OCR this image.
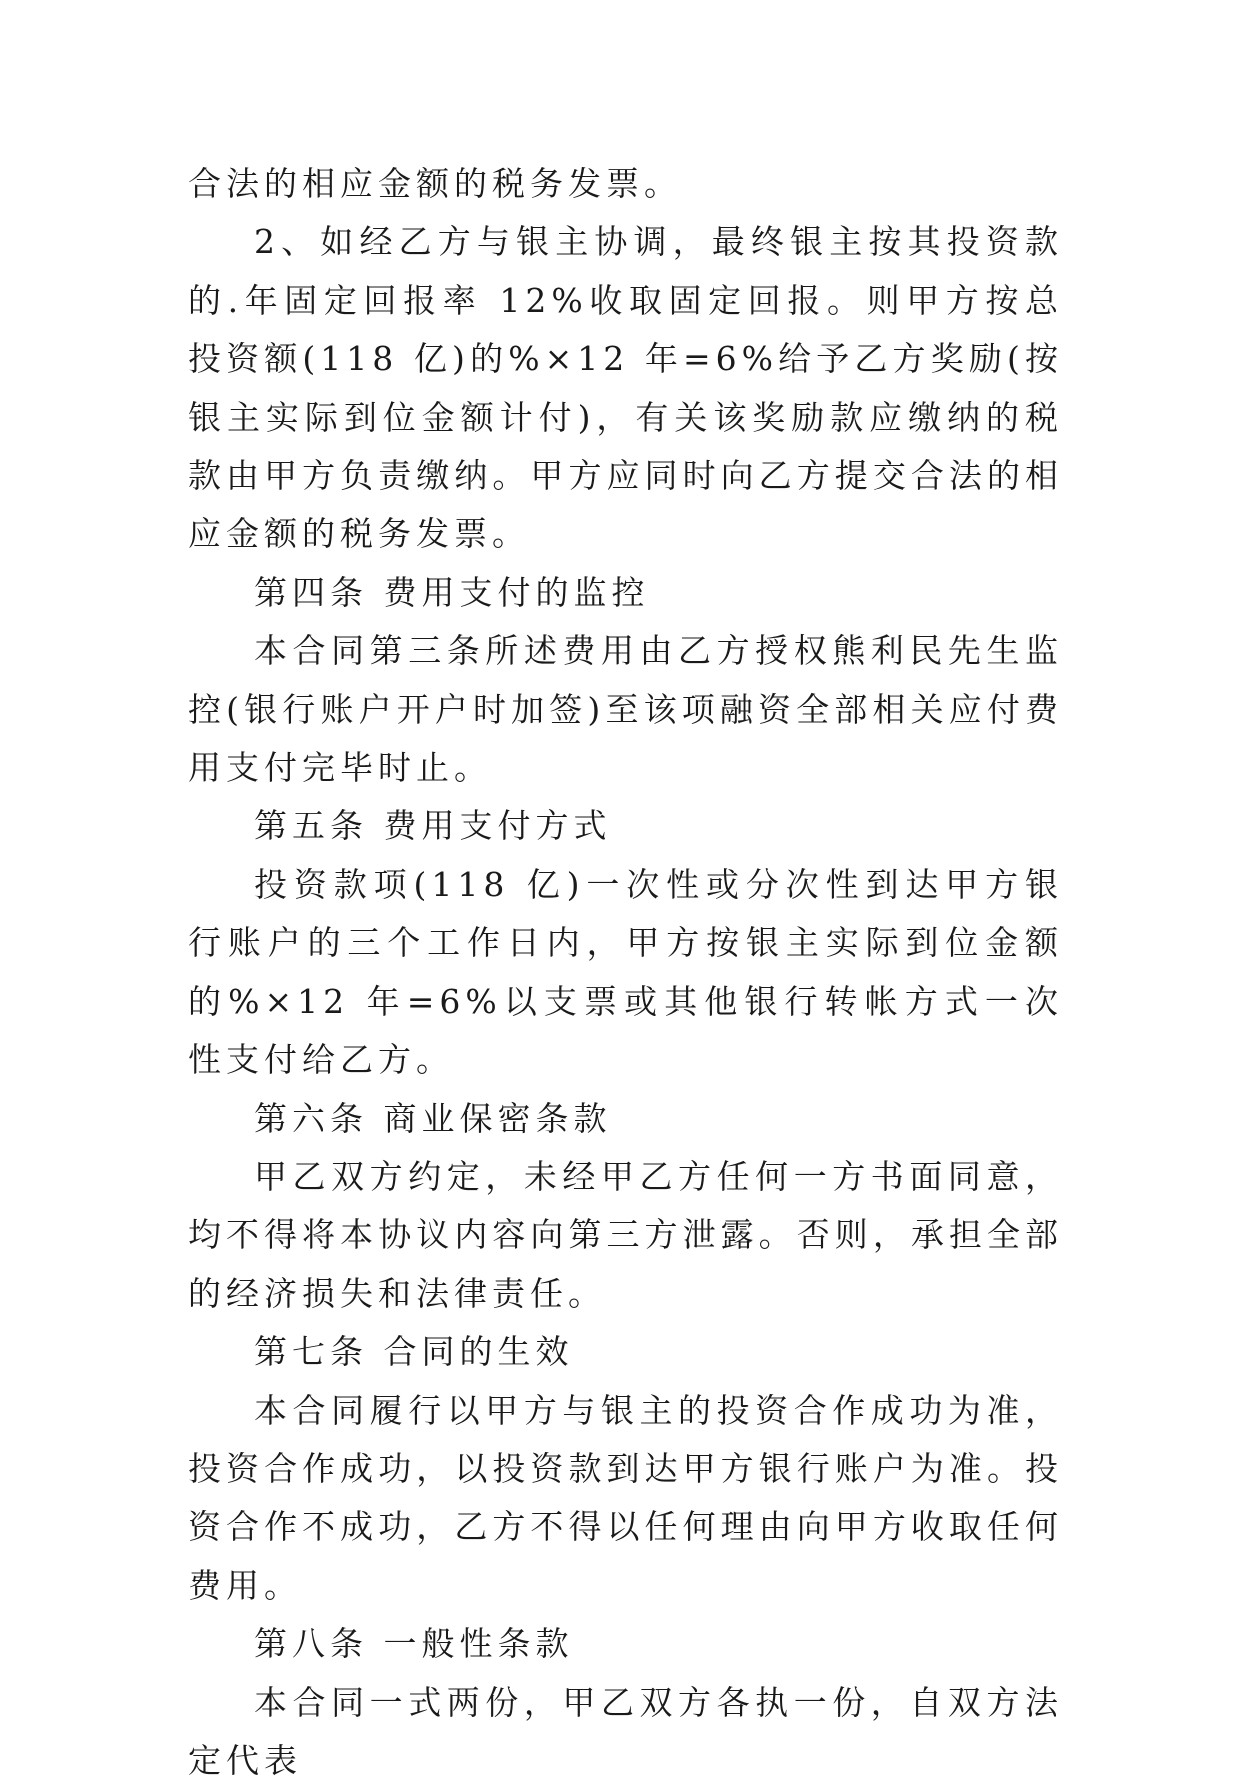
合法的相应金额的税务发票。

2、如经乙方与银主协调，最终银主按其投资款的.年固定回报率 12%收取固定回报。则甲方按总投资额(118 亿)的%×12 年=6%给予乙方奖励(按银主实际到位金额计付)，有关该奖励款应缴纳的税款由甲方负责缴纳。甲方应同时向乙方提交合法的相应金额的税务发票。

第四条 费用支付的监控

本合同第三条所述费用由乙方授权熊利民先生监控(银行账户开户时加签)至该项融资全部相关应付费用支付完毕时止。

第五条 费用支付方式

投资款项(118 亿)一次性或分次性到达甲方银行账户的三个工作日内，甲方按银主实际到位金额的%×12 年=6%以支票或其他银行转帐方式一次性支付给乙方。

第六条 商业保密条款

甲乙双方约定，未经甲乙方任何一方书面同意，均不得将本协议内容向第三方泄露。否则，承担全部的经济损失和法律责任。

第七条 合同的生效

本合同履行以甲方与银主的投资合作成功为准，投资合作成功，以投资款到达甲方银行账户为准。投资合作不成功，乙方不得以任何理由向甲方收取任何费用。

第八条 一般性条款

本合同一式两份，甲乙双方各执一份，自双方法定代表
